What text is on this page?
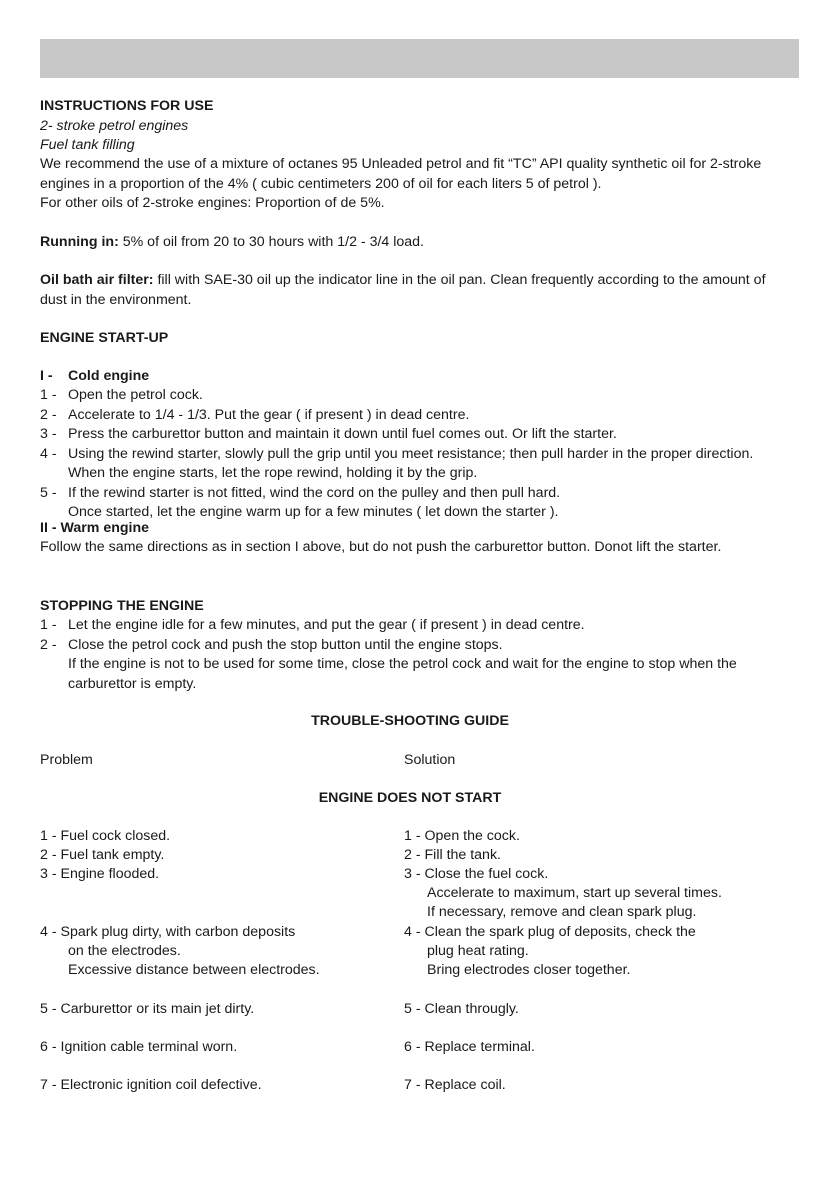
INSTRUCTIONS FOR USE
2- stroke petrol engines
Fuel tank filling
We recommend the use of a mixture of octanes 95 Unleaded petrol and fit “TC” API quality synthetic oil for 2-stroke engines in a proportion of the 4% ( cubic centimeters 200 of oil for each liters 5 of petrol ).
For other oils of 2-stroke engines: Proportion of de 5%.
Running in: 5% of oil from 20 to 30 hours with 1/2 - 3/4 load.
Oil bath air filter: fill with SAE-30 oil up the indicator line in the oil pan. Clean frequently according to the amount of dust in the environment.
ENGINE START-UP
I - Cold engine
1 - Open the petrol cock.
2 - Accelerate to 1/4 - 1/3. Put the gear ( if present ) in dead centre.
3 - Press the carburettor button and maintain it down until fuel comes out. Or lift the starter.
4 - Using the rewind starter, slowly pull the grip until you meet resistance; then pull harder in the proper direction. When the engine starts, let the rope rewind, holding it by the grip.
5 - If the rewind starter is not fitted, wind the cord on the pulley and then pull hard.
Once started, let the engine warm up for a few minutes ( let down the starter ).
II - Warm engine
Follow the same directions as in section I above, but do not push the carburettor button. Donot lift the starter.
STOPPING THE ENGINE
1 - Let the engine idle for a few minutes, and put the gear ( if present ) in dead centre.
2 - Close the petrol cock and push the stop button until the engine stops.
If the engine is not to be used for some time, close the petrol cock and wait for the engine to stop when the carburettor is empty.
TROUBLE-SHOOTING GUIDE
Problem	Solution
ENGINE DOES NOT START
1 - Fuel cock closed.
2 - Fuel tank empty.
3 - Engine flooded.
4 - Spark plug dirty, with carbon deposits
on the electrodes.
Excessive distance between electrodes.
5 - Carburettor or its main jet dirty.
6 - Ignition cable terminal worn.
7 - Electronic ignition coil defective.
1 - Open the cock.
2 - Fill the tank.
3 - Close the fuel cock.
Accelerate to maximum, start up several times.
If necessary, remove and clean spark plug.
4 - Clean the spark plug of deposits, check the
plug heat rating.
Bring electrodes closer together.
5 - Clean througly.
6 - Replace terminal.
7 - Replace coil.
